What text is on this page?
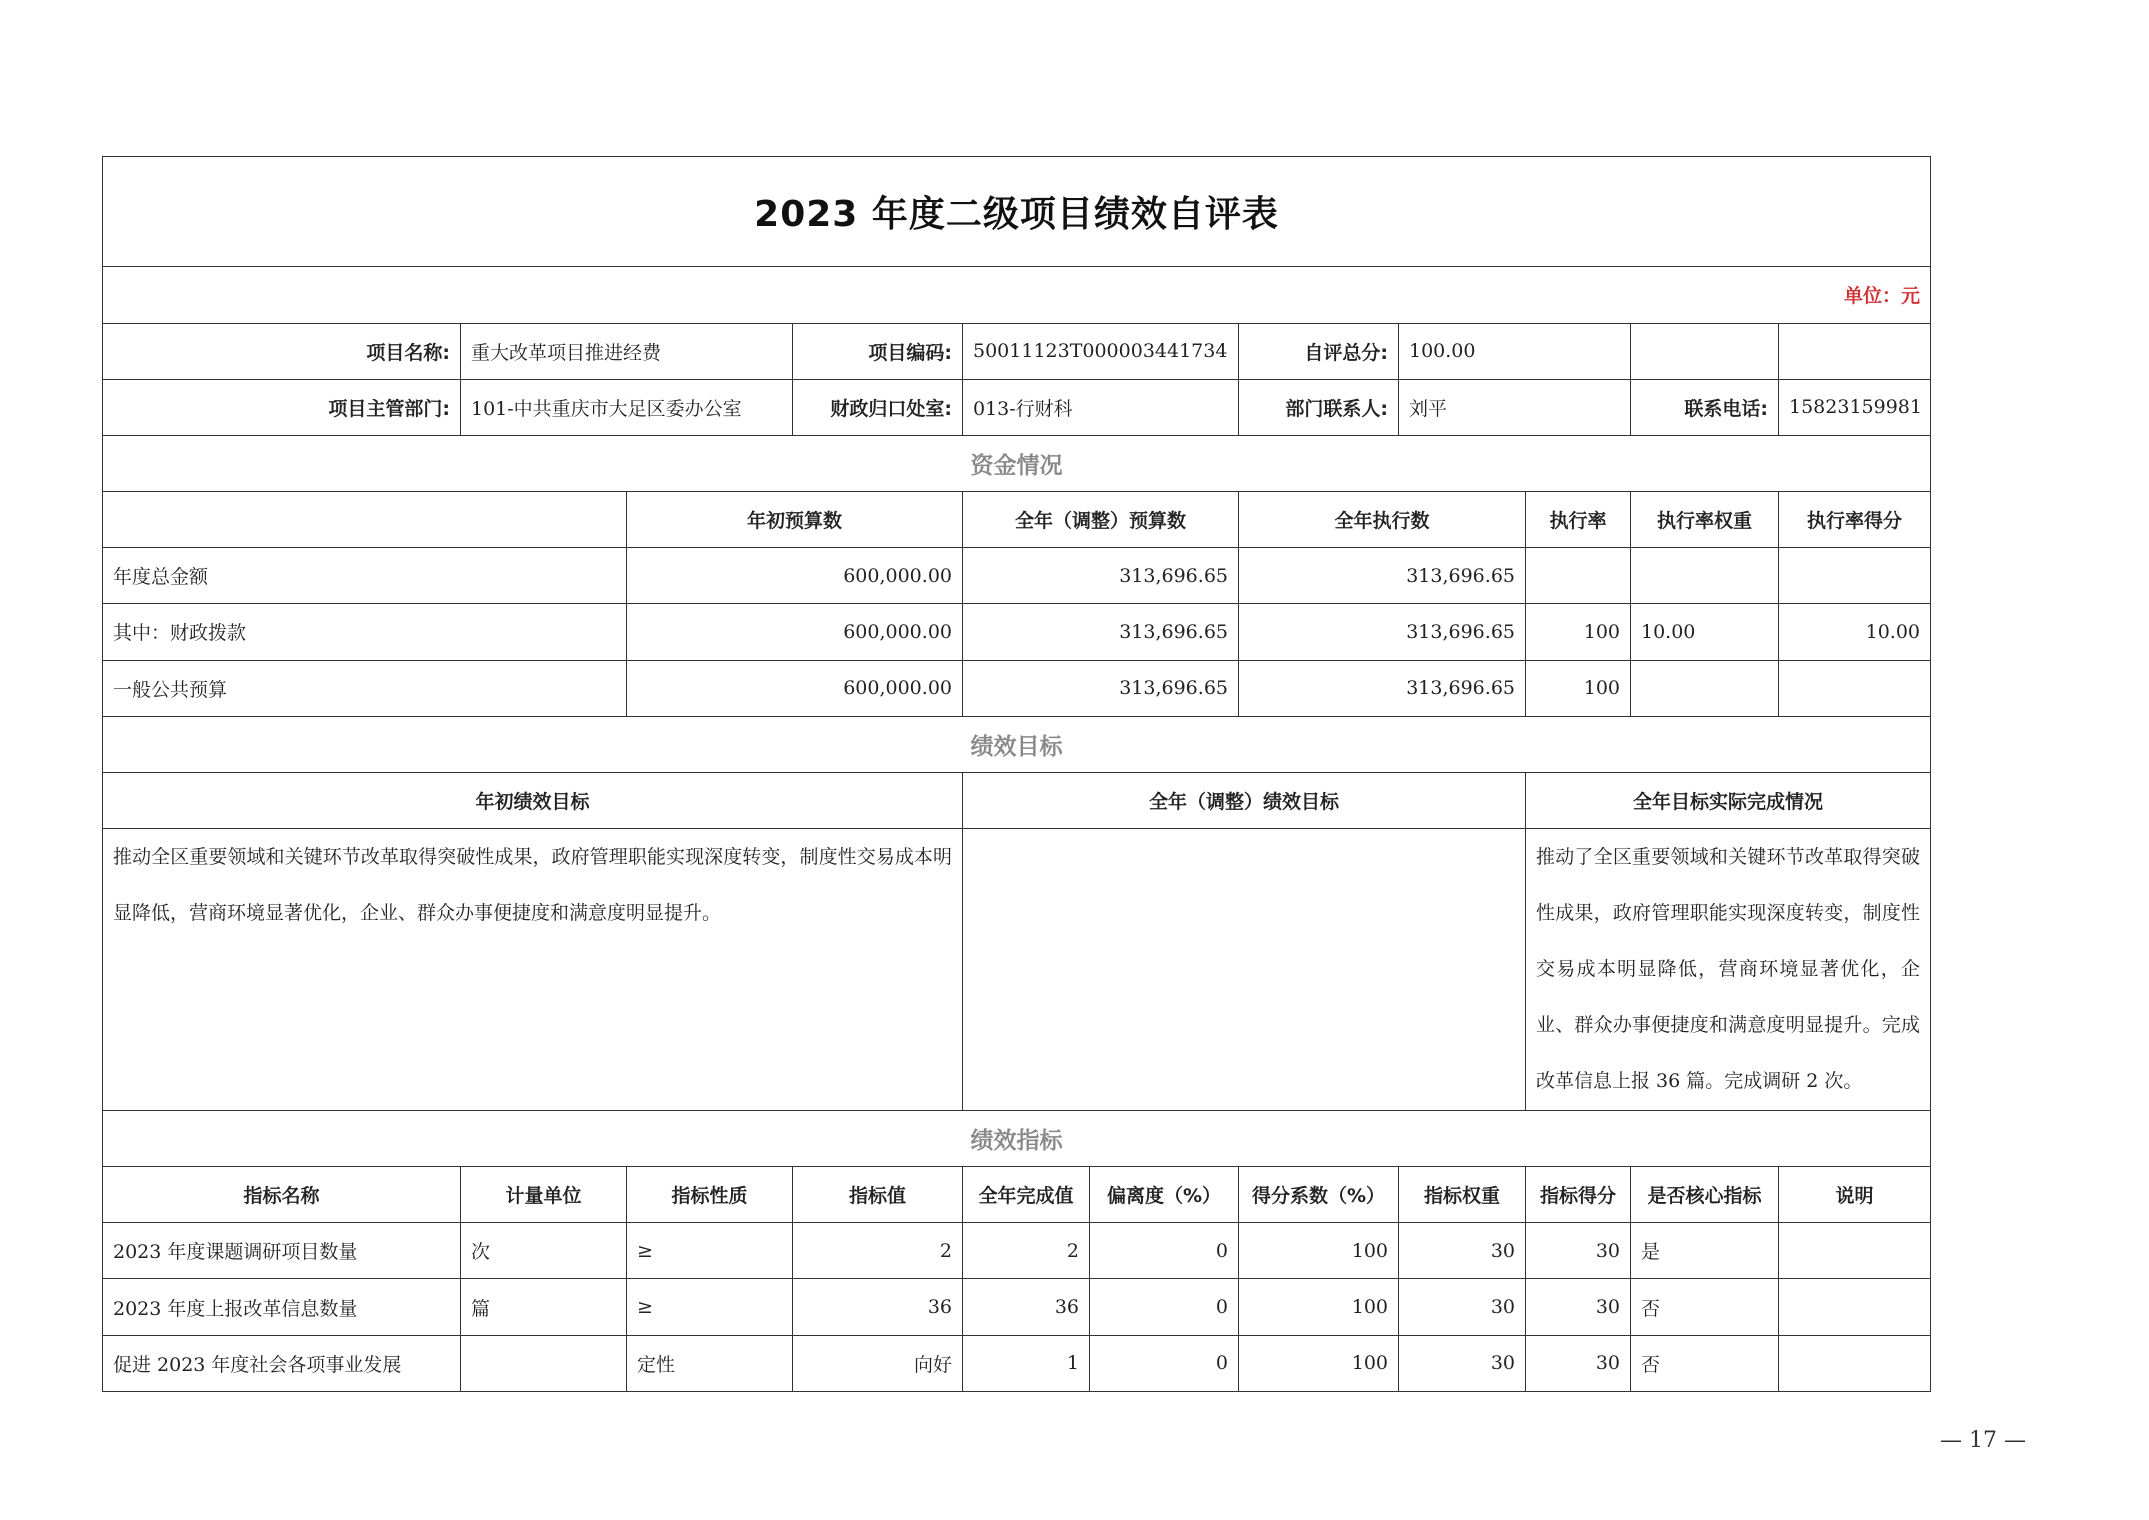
2023 年度二级项目绩效自评表										
单位：元										
项目名称:	重大改革项目推进经费		项目编码:	50011123T000003441734		自评总分:	100.00			
项目主管部门:	101-中共重庆市大足区委办公室		财政归口处室:	013-行财科		部门联系人:	刘平		联系电话:	15823159981
资金情况										
		年初预算数		全年（调整）预算数		全年执行数		执行率	执行率权重	执行率得分
年度总金额		600,000.00		313,696.65		313,696.65				
其中：财政拨款		600,000.00		313,696.65		313,696.65		100	10.00	10.00
一般公共预算		600,000.00		313,696.65		313,696.65		100		
绩效目标										
年初绩效目标				全年（调整）绩效目标				全年目标实际完成情况		
推动全区重要领域和关键环节改革取得突破性成果，政府管理职能实现深度转变，制度性交易成本明显降低，营商环境显著优化，企业、群众办事便捷度和满意度明显提升。								推动了全区重要领域和关键环节改革取得突破性成果，政府管理职能实现深度转变，制度性交易成本明显降低，营商环境显著优化，企业、群众办事便捷度和满意度明显提升。完成改革信息上报 36 篇。完成调研 2 次。		
绩效指标										
指标名称	计量单位	指标性质	指标值	全年完成值	偏离度（%）	得分系数（%）	指标权重	指标得分	是否核心指标	说明
2023 年度课题调研项目数量	次	≥	2	2	0	100	30	30	是	
2023 年度上报改革信息数量	篇	≥	36	36	0	100	30	30	否	
促进 2023 年度社会各项事业发展		定性	向好	1	0	100	30	30	否	
— 17 —
